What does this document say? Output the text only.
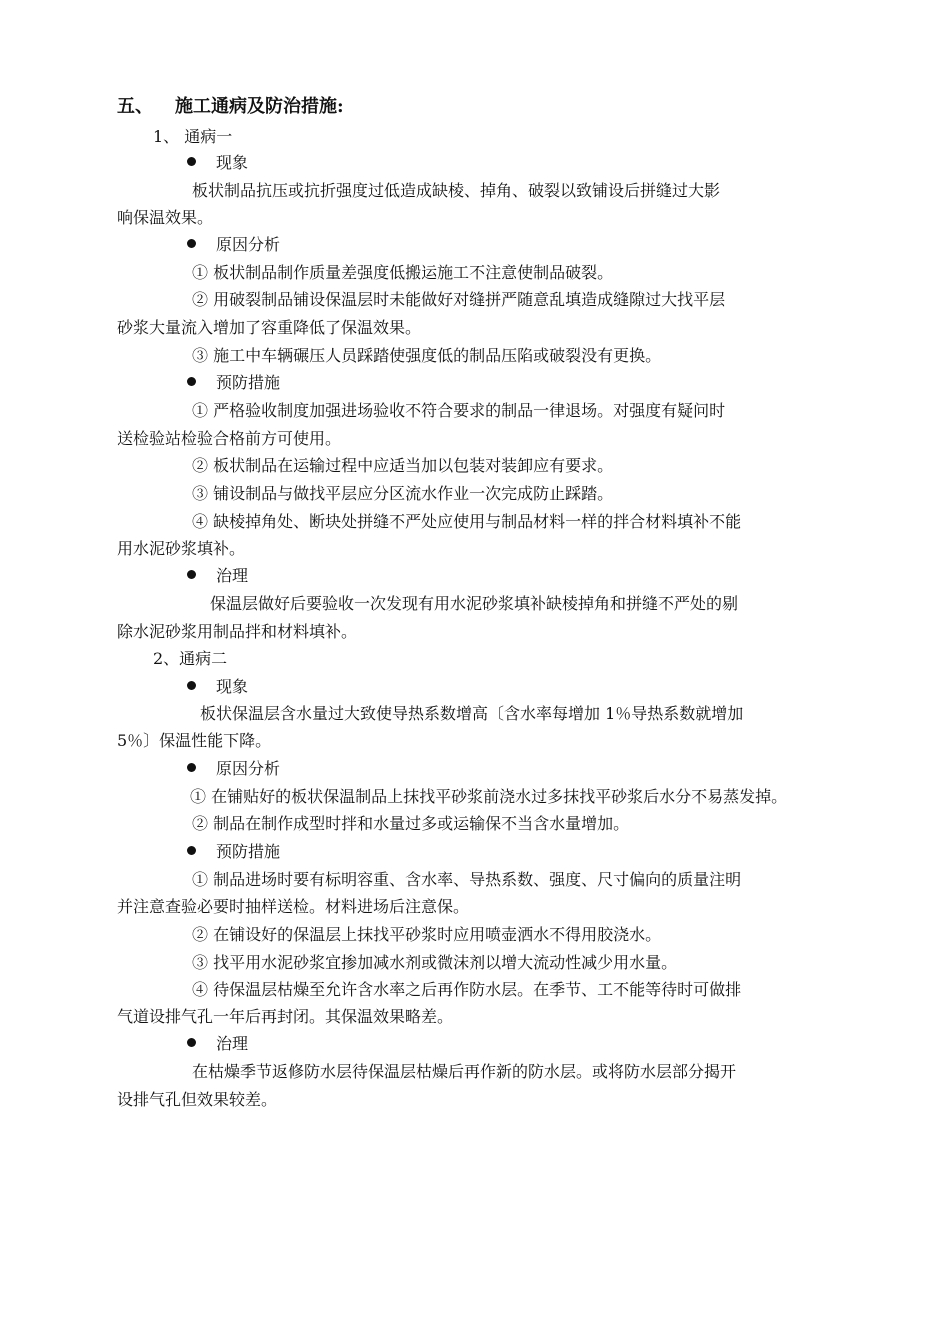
五、 施工通病及防治措施:
1、 通病一
现象
板状制品抗压或抗折强度过低造成缺棱、掉角、破裂以致铺设后拼缝过大影
响保温效果。
原因分析
① 板状制品制作质量差强度低搬运施工不注意使制品破裂。
② 用破裂制品铺设保温层时未能做好对缝拼严随意乱填造成缝隙过大找平层
砂浆大量流入增加了容重降低了保温效果。
③ 施工中车辆碾压人员踩踏使强度低的制品压陷或破裂没有更换。
预防措施
① 严格验收制度加强进场验收不符合要求的制品一律退场。对强度有疑问时
送检验站检验合格前方可使用。
② 板状制品在运输过程中应适当加以包装对装卸应有要求。
③ 铺设制品与做找平层应分区流水作业一次完成防止踩踏。
④ 缺棱掉角处、断块处拼缝不严处应使用与制品材料一样的拌合材料填补不能
用水泥砂浆填补。
治理
保温层做好后要验收一次发现有用水泥砂浆填补缺棱掉角和拼缝不严处的剔
除水泥砂浆用制品拌和材料填补。
2、通病二
现象
板状保温层含水量过大致使导热系数增高〔含水率每增加 1％导热系数就增加
5％〕保温性能下降。
原因分析
① 在铺贴好的板状保温制品上抹找平砂浆前浇水过多抹找平砂浆后水分不易蒸发掉。
② 制品在制作成型时拌和水量过多或运输保不当含水量增加。
预防措施
① 制品进场时要有标明容重、含水率、导热系数、强度、尺寸偏向的质量注明
并注意查验必要时抽样送检。材料进场后注意保。
② 在铺设好的保温层上抹找平砂浆时应用喷壶洒水不得用胶浇水。
③ 找平用水泥砂浆宜掺加减水剂或微沫剂以增大流动性减少用水量。
④ 待保温层枯燥至允许含水率之后再作防水层。在季节、工不能等待时可做排
气道设排气孔一年后再封闭。其保温效果略差。
治理
在枯燥季节返修防水层待保温层枯燥后再作新的防水层。或将防水层部分揭开
设排气孔但效果较差。
